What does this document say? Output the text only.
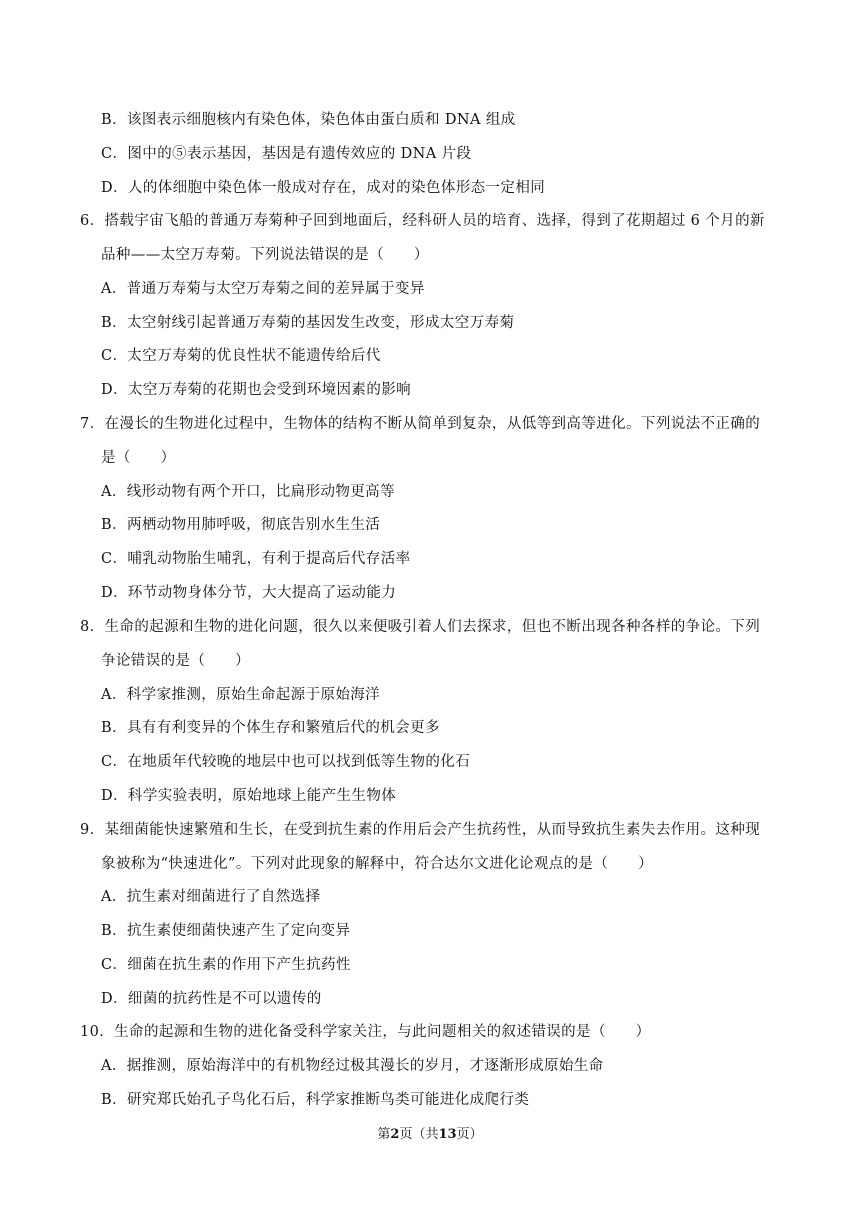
B．该图表示细胞核内有染色体，染色体由蛋白质和 DNA 组成
C．图中的⑤表示基因，基因是有遗传效应的 DNA 片段
D．人的体细胞中染色体一般成对存在，成对的染色体形态一定相同
6．搭载宇宙飞船的普通万寿菊种子回到地面后，经科研人员的培育、选择，得到了花期超过 6 个月的新
品种——太空万寿菊。下列说法错误的是（　　）
A．普通万寿菊与太空万寿菊之间的差异属于变异
B．太空射线引起普通万寿菊的基因发生改变，形成太空万寿菊
C．太空万寿菊的优良性状不能遗传给后代
D．太空万寿菊的花期也会受到环境因素的影响
7．在漫长的生物进化过程中，生物体的结构不断从简单到复杂，从低等到高等进化。下列说法不正确的
是（　　）
A．线形动物有两个开口，比扁形动物更高等
B．两栖动物用肺呼吸，彻底告别水生生活
C．哺乳动物胎生哺乳，有利于提高后代存活率
D．环节动物身体分节，大大提高了运动能力
8．生命的起源和生物的进化问题，很久以来便吸引着人们去探求，但也不断出现各种各样的争论。下列
争论错误的是（　　）
A．科学家推测，原始生命起源于原始海洋
B．具有有利变异的个体生存和繁殖后代的机会更多
C．在地质年代较晚的地层中也可以找到低等生物的化石
D．科学实验表明，原始地球上能产生生物体
9．某细菌能快速繁殖和生长，在受到抗生素的作用后会产生抗药性，从而导致抗生素失去作用。这种现
象被称为“快速进化”。下列对此现象的解释中，符合达尔文进化论观点的是（　　）
A．抗生素对细菌进行了自然选择
B．抗生素使细菌快速产生了定向变异
C．细菌在抗生素的作用下产生抗药性
D．细菌的抗药性是不可以遗传的
10．生命的起源和生物的进化备受科学家关注，与此问题相关的叙述错误的是（　　）
A．据推测，原始海洋中的有机物经过极其漫长的岁月，才逐渐形成原始生命
B．研究郑氏始孔子鸟化石后，科学家推断鸟类可能进化成爬行类
第2页（共13页）
